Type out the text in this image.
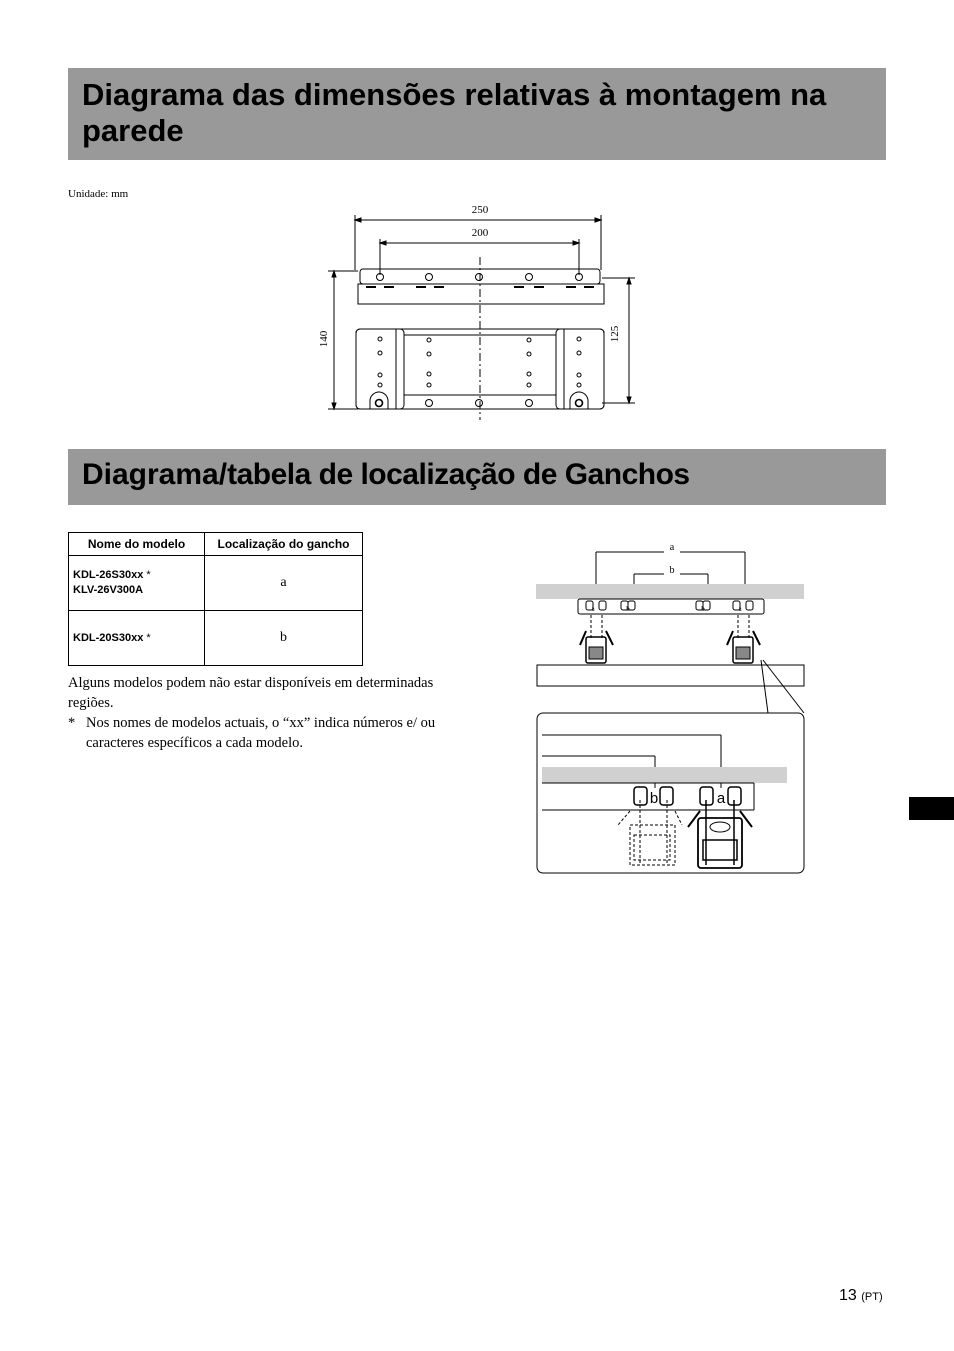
Diagrama das dimensões relativas à montagem na
parede
Unidade: mm
250
200
140	125
Diagrama/tabela de localização de Ganchos
Nome do modelo	Localização do gancho
KDL-26S30xx *
KLV-26V300A	a
KDL-20S30xx *	b

Alguns modelos podem não estar disponíveis em determinadas regiões.

* Nos nomes de modelos actuais, o “xx” indica números e/ ou caracteres específicos a cada modelo.

a
b
a	b	b	a
b	a
13 (PT)
